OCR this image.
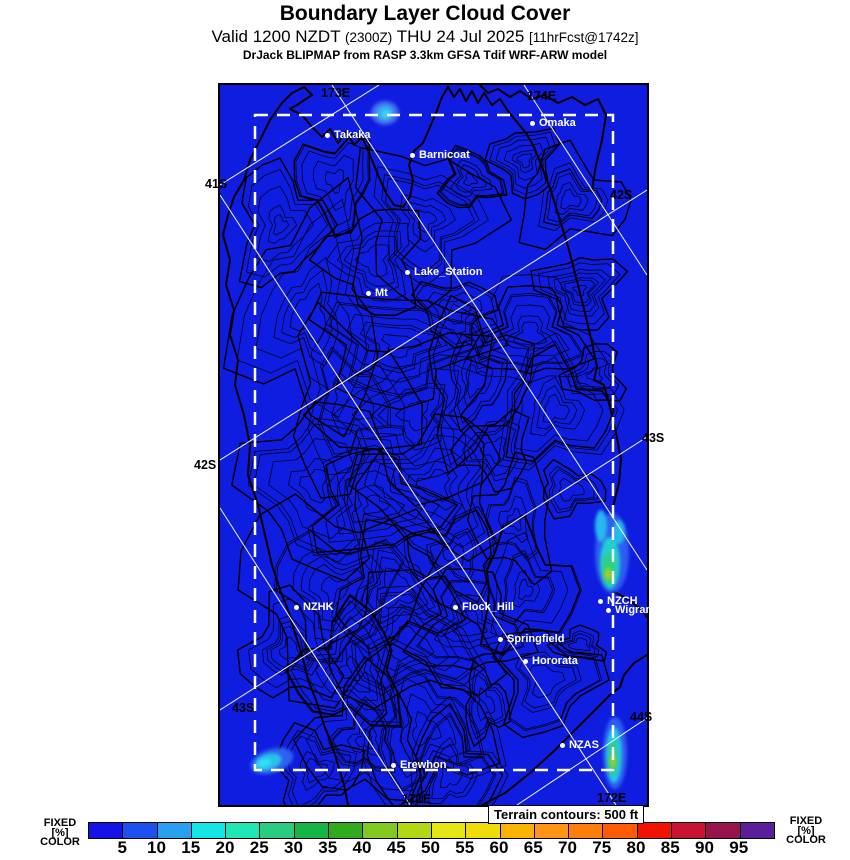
Boundary Layer Cloud Cover
Valid 1200 NZDT (2300Z) THU 24 Jul 2025 [11hrFcst@1742z]
DrJack BLIPMAP from RASP 3.3km GFSA Tdif WRF-ARW model
Takaka
Barnicoat
Omaka
Lake_Station
Mt
NZHK	Flock_Hill
Springfield
Hororata
NZCH
Wigram
NZAS
Erewhon
41S
173E	174E
42S
42S
43S
43S
44S
171E	172E
Terrain contours: 500 ft
FIXED
[%]
COLOR	5 10 15 20 25 30 35 40 45 50 55 60 65 70 75 80 85 90 95
FIXED
[%]
COLOR
